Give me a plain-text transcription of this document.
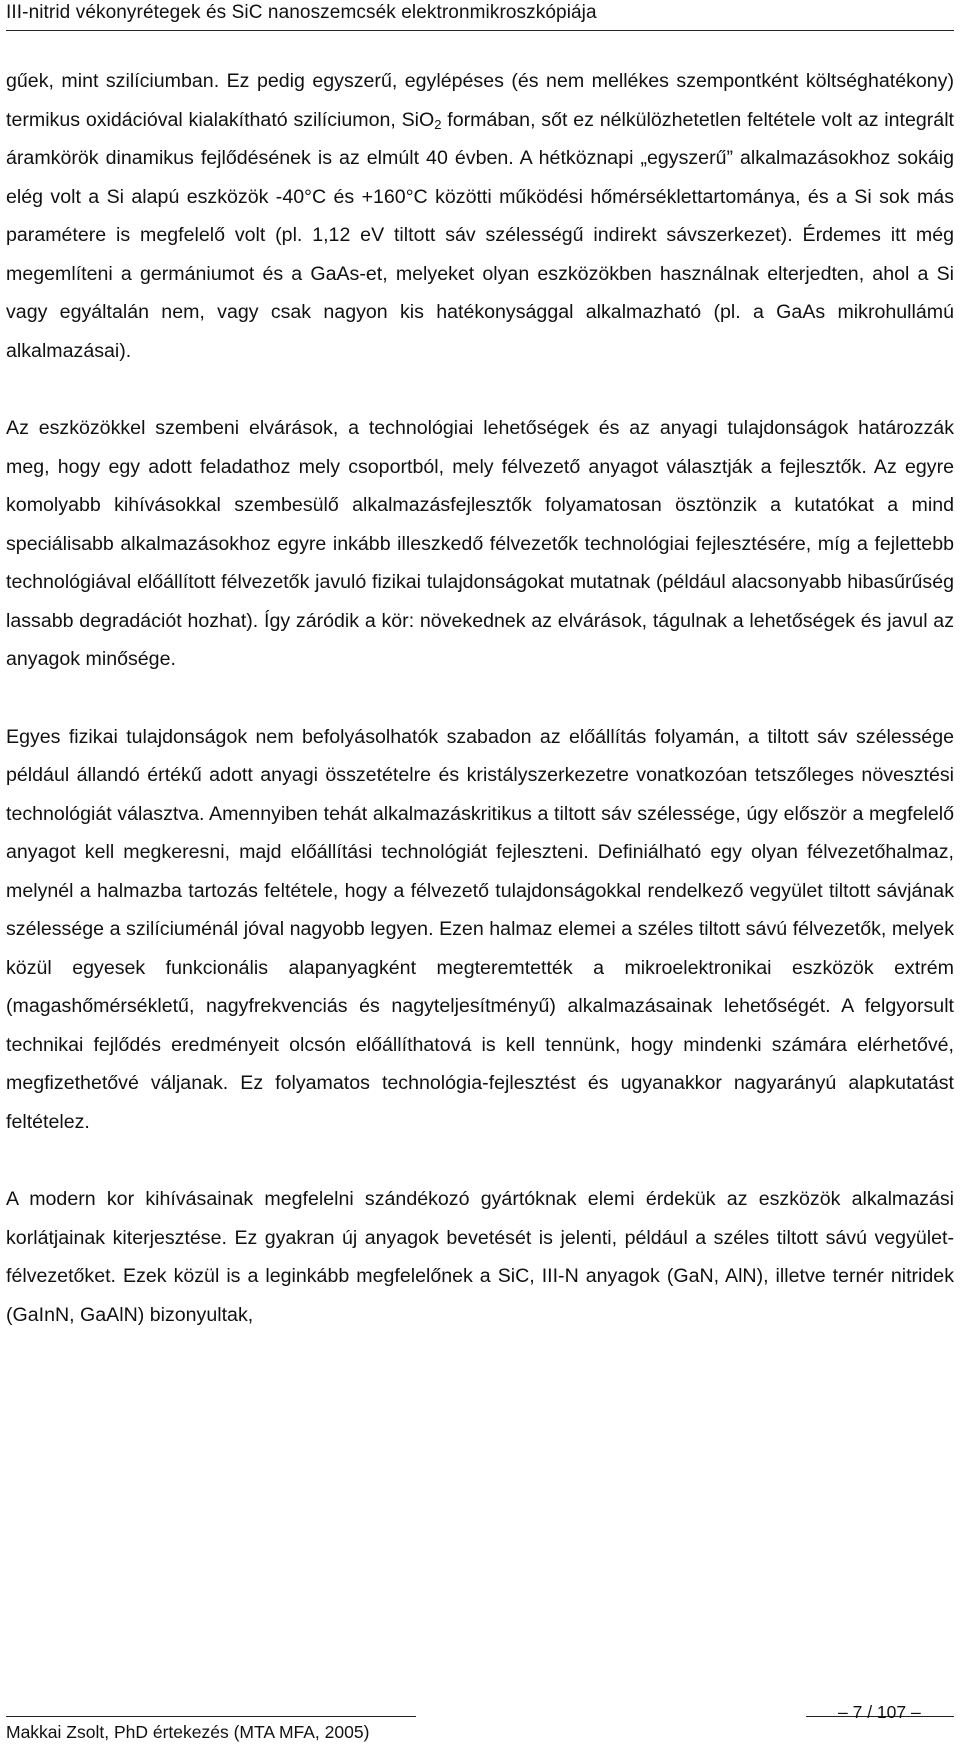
III-nitrid vékonyrétegek és SiC nanoszemcsék elektronmikroszkópiája

gűek, mint szilíciumban. Ez pedig egyszerű, egylépéses (és nem mellékes szempontként költséghatékony) termikus oxidációval kialakítható szilíciumon, SiO$_2$ formában, sőt ez nélkülözhetetlen feltétele volt az integrált áramkörök dinamikus fejlődésének is az elmúlt 40 évben. A hétköznapi „egyszerű” alkalmazásokhoz sokáig elég volt a Si alapú eszközök -40°C és +160°C közötti működési hőmérséklettartománya, és a Si sok más paramétere is megfelelő volt (pl. 1,12 eV tiltott sáv szélességű indirekt sávszerkezet). Érdemes itt még megemlíteni a germániumot és a GaAs-et, melyeket olyan eszközökben használnak elterjedten, ahol a Si vagy egyáltalán nem, vagy csak nagyon kis hatékonysággal alkalmazható (pl. a GaAs mikrohullámú alkalmazásai).

Az eszközökkel szembeni elvárások, a technológiai lehetőségek és az anyagi tulajdonságok határozzák meg, hogy egy adott feladathoz mely csoportból, mely félvezető anyagot választják a fejlesztők. Az egyre komolyabb kihívásokkal szembesülő alkalmazásfejlesztők folyamatosan ösztönzik a kutatókat a mind speciálisabb alkalmazásokhoz egyre inkább illeszkedő félvezetők technológiai fejlesztésére, míg a fejlettebb technológiával előállított félvezetők javuló fizikai tulajdonságokat mutatnak (például alacsonyabb hibasűrűség lassabb degradációt hozhat). Így záródik a kör: növekednek az elvárások, tágulnak a lehetőségek és javul az anyagok minősége.

Egyes fizikai tulajdonságok nem befolyásolhatók szabadon az előállítás folyamán, a tiltott sáv szélessége például állandó értékű adott anyagi összetételre és kristályszerkezetre vonatkozóan tetszőleges növesztési technológiát választva. Amennyiben tehát alkalmazáskritikus a tiltott sáv szélessége, úgy először a megfelelő anyagot kell megkeresni, majd előállítási technológiát fejleszteni. Definiálható egy olyan félvezetőhalmaz, melynél a halmazba tartozás feltétele, hogy a félvezető tulajdonságokkal rendelkező vegyület tiltott sávjának szélessége a szilíciuménál jóval nagyobb legyen. Ezen halmaz elemei a széles tiltott sávú félvezetők, melyek közül egyesek funkcionális alapanyagként megteremtették a mikroelektronikai eszközök extrém (magashőmérsékletű, nagyfrekvenciás és nagyteljesítményű) alkalmazásainak lehetőségét. A felgyorsult technikai fejlődés eredményeit olcsón előállíthatová is kell tennünk, hogy mindenki számára elérhetővé, megfizethetővé váljanak. Ez folyamatos technológia-fejlesztést és ugyanakkor nagyarányú alapkutatást feltételez.

A modern kor kihívásainak megfelelni szándékozó gyártóknak elemi érdekük az eszközök alkalmazási korlátjainak kiterjesztése. Ez gyakran új anyagok bevetését is jelenti, például a széles tiltott sávú vegyület-félvezetőket. Ezek közül is a leginkább megfelelőnek a SiC, III-N anyagok (GaN, AlN), illetve ternér nitridek (GaInN, GaAlN) bizonyultak,

Makkai Zsolt, PhD értekezés (MTA MFA, 2005)
– 7 / 107 –
